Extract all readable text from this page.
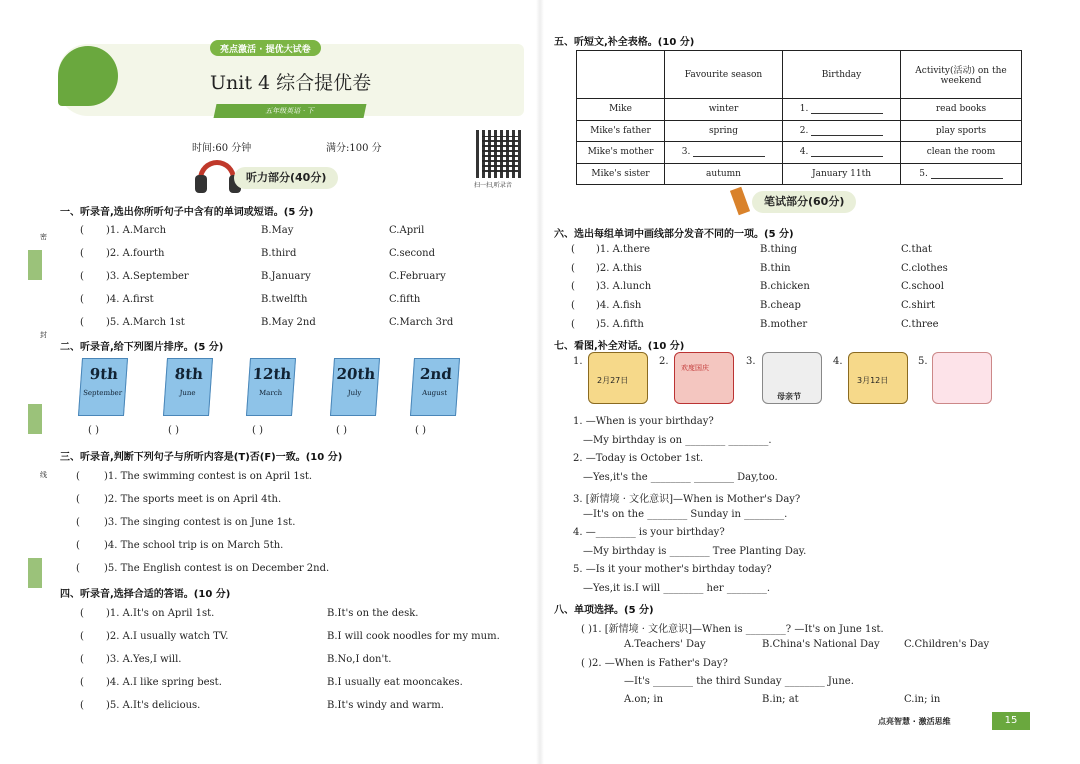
亮点激活 · 提优大试卷
Unit 4 综合提优卷
五年级英语 · 下
时间:60 分钟	满分:100 分
扫一扫,听录音
听力部分(40分)
密
封
线
一、听录音,选出你所听句子中含有的单词或短语。(5 分)
( )1. A.March	B.May	C.April
( )2. A.fourth	B.third	C.second
( )3. A.September	B.January	C.February
( )4. A.first	B.twelfth	C.fifth
( )5. A.March 1st	B.May 2nd	C.March 3rd
二、听录音,给下列图片排序。(5 分)
9th
September
8th
June
12th
March
20th
July
2nd
August
( )	( )	( )	( )	( )
三、听录音,判断下列句子与所听内容是(T)否(F)一致。(10 分)
( )1. The swimming contest is on April 1st.
( )2. The sports meet is on April 4th.
( )3. The singing contest is on June 1st.
( )4. The school trip is on March 5th.
( )5. The English contest is on December 2nd.
四、听录音,选择合适的答语。(10 分)
( )1. A.It's on April 1st.	B.It's on the desk.
( )2. A.I usually watch TV.	B.I will cook noodles for my mum.
( )3. A.Yes,I will.	B.No,I don't.
( )4. A.I like spring best.	B.I usually eat mooncakes.
( )5. A.It's delicious.	B.It's windy and warm.
五、听短文,补全表格。(10 分)
	Favourite season	Birthday	Activity(活动) on the weekend
Mike	winter	1.	read books
Mike's father	spring	2.	play sports
Mike's mother	3.	4.	clean the room
Mike's sister	autumn	January 11th	5.
笔试部分(60分)
六、选出每组单词中画线部分发音不同的一项。(5 分)
( )1. A.there	B.thing	C.that
( )2. A.this	B.thin	C.clothes
( )3. A.lunch	B.chicken	C.school
( )4. A.fish	B.cheap	C.shirt
( )5. A.fifth	B.mother	C.three
七、看图,补全对话。(10 分)
1.
2月27日
2.
欢度国庆
3.
母亲节
4.
3月12日
5.
1. —When is your birthday?
—My birthday is on ________ ________.
2. —Today is October 1st.
—Yes,it's the ________ ________ Day,too.
3. [新情境 · 文化意识]—When is Mother's Day?
—It's on the ________ Sunday in ________.
4. —________ is your birthday?
—My birthday is ________ Tree Planting Day.
5. —Is it your mother's birthday today?
—Yes,it is.I will ________ her ________.
八、单项选择。(5 分)
( )1. [新情境 · 文化意识]—When is ________? —It's on June 1st.
A.Teachers' Day	B.China's National Day C.Children's Day
( )2. —When is Father's Day?
—It's ________ the third Sunday ________ June.
A.on; in	B.in; at	C.in; in
点亮智慧 · 激活思维	15
